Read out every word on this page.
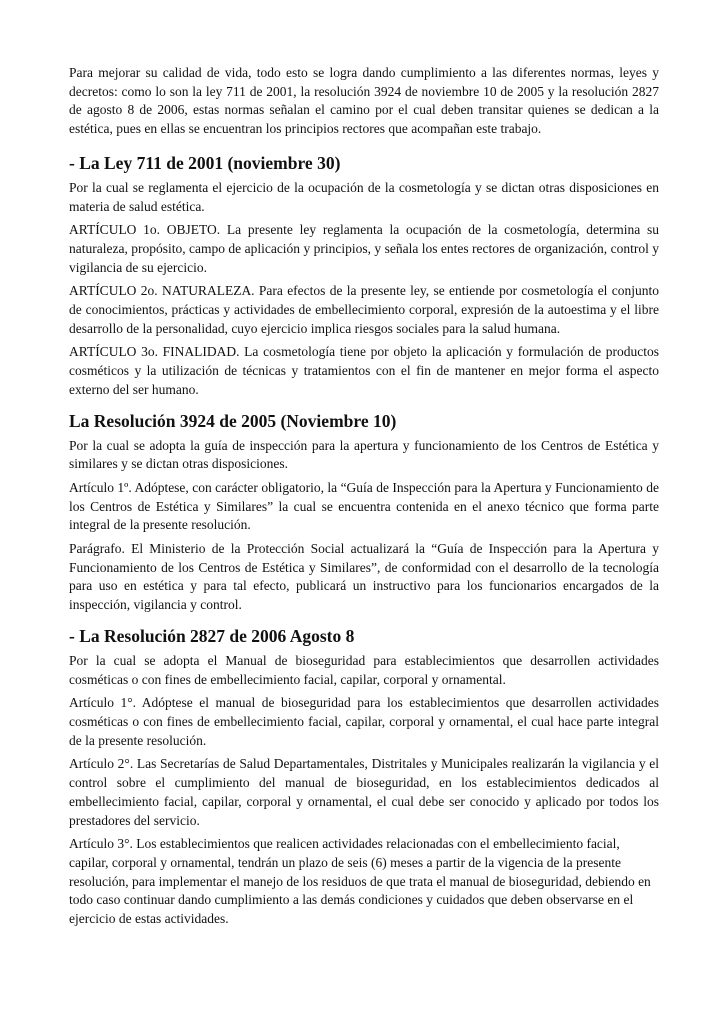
Para mejorar su calidad de vida, todo esto se logra dando cumplimiento a las diferentes normas, leyes y decretos: como lo son la ley 711 de 2001, la resolución 3924 de noviembre 10 de 2005 y la resolución 2827 de agosto 8 de 2006, estas normas señalan el camino por el cual deben transitar quienes se dedican a la estética, pues en ellas se encuentran los principios rectores que acompañan este trabajo.

- La Ley 711 de 2001 (noviembre 30)

Por la cual se reglamenta el ejercicio de la ocupación de la cosmetología y se dictan otras disposiciones en materia de salud estética.

ARTÍCULO 1o. OBJETO. La presente ley reglamenta la ocupación de la cosmetología, determina su naturaleza, propósito, campo de aplicación y principios, y señala los entes rectores de organización, control y vigilancia de su ejercicio.

ARTÍCULO 2o. NATURALEZA. Para efectos de la presente ley, se entiende por cosmetología el conjunto de conocimientos, prácticas y actividades de embellecimiento corporal, expresión de la autoestima y el libre desarrollo de la personalidad, cuyo ejercicio implica riesgos sociales para la salud humana.

ARTÍCULO 3o. FINALIDAD. La cosmetología tiene por objeto la aplicación y formulación de productos cosméticos y la utilización de técnicas y tratamientos con el fin de mantener en mejor forma el aspecto externo del ser humano.

La Resolución 3924 de 2005 (Noviembre 10)

Por la cual se adopta la guía de inspección para la apertura y funcionamiento de los Centros de Estética y similares y se dictan otras disposiciones.

Artículo 1º. Adóptese, con carácter obligatorio, la “Guía de Inspección para la Apertura y Funcionamiento de los Centros de Estética y Similares” la cual se encuentra contenida en el anexo técnico que forma parte integral de la presente resolución.

Parágrafo. El Ministerio de la Protección Social actualizará la “Guía de Inspección para la Apertura y Funcionamiento de los Centros de Estética y Similares”, de conformidad con el desarrollo de la tecnología para uso en estética y para tal efecto, publicará un instructivo para los funcionarios encargados de la inspección, vigilancia y control.

- La Resolución 2827 de 2006 Agosto 8

Por la cual se adopta el Manual de bioseguridad para establecimientos que desarrollen actividades cosméticas o con fines de embellecimiento facial, capilar, corporal y ornamental.

Artículo 1°. Adóptese el manual de bioseguridad para los establecimientos que desarrollen actividades cosméticas o con fines de embellecimiento facial, capilar, corporal y ornamental, el cual hace parte integral de la presente resolución.

Artículo 2°. Las Secretarías de Salud Departamentales, Distritales y Municipales realizarán la vigilancia y el control sobre el cumplimiento del manual de bioseguridad, en los establecimientos dedicados al embellecimiento facial, capilar, corporal y ornamental, el cual debe ser conocido y aplicado por todos los prestadores del servicio.

Artículo 3°. Los establecimientos que realicen actividades relacionadas con el embellecimiento facial, capilar, corporal y ornamental, tendrán un plazo de seis (6) meses a partir de la vigencia de la presente resolución, para implementar el manejo de los residuos de que trata el manual de bioseguridad, debiendo en todo caso continuar dando cumplimiento a las demás condiciones y cuidados que deben observarse en el ejercicio de estas actividades.
